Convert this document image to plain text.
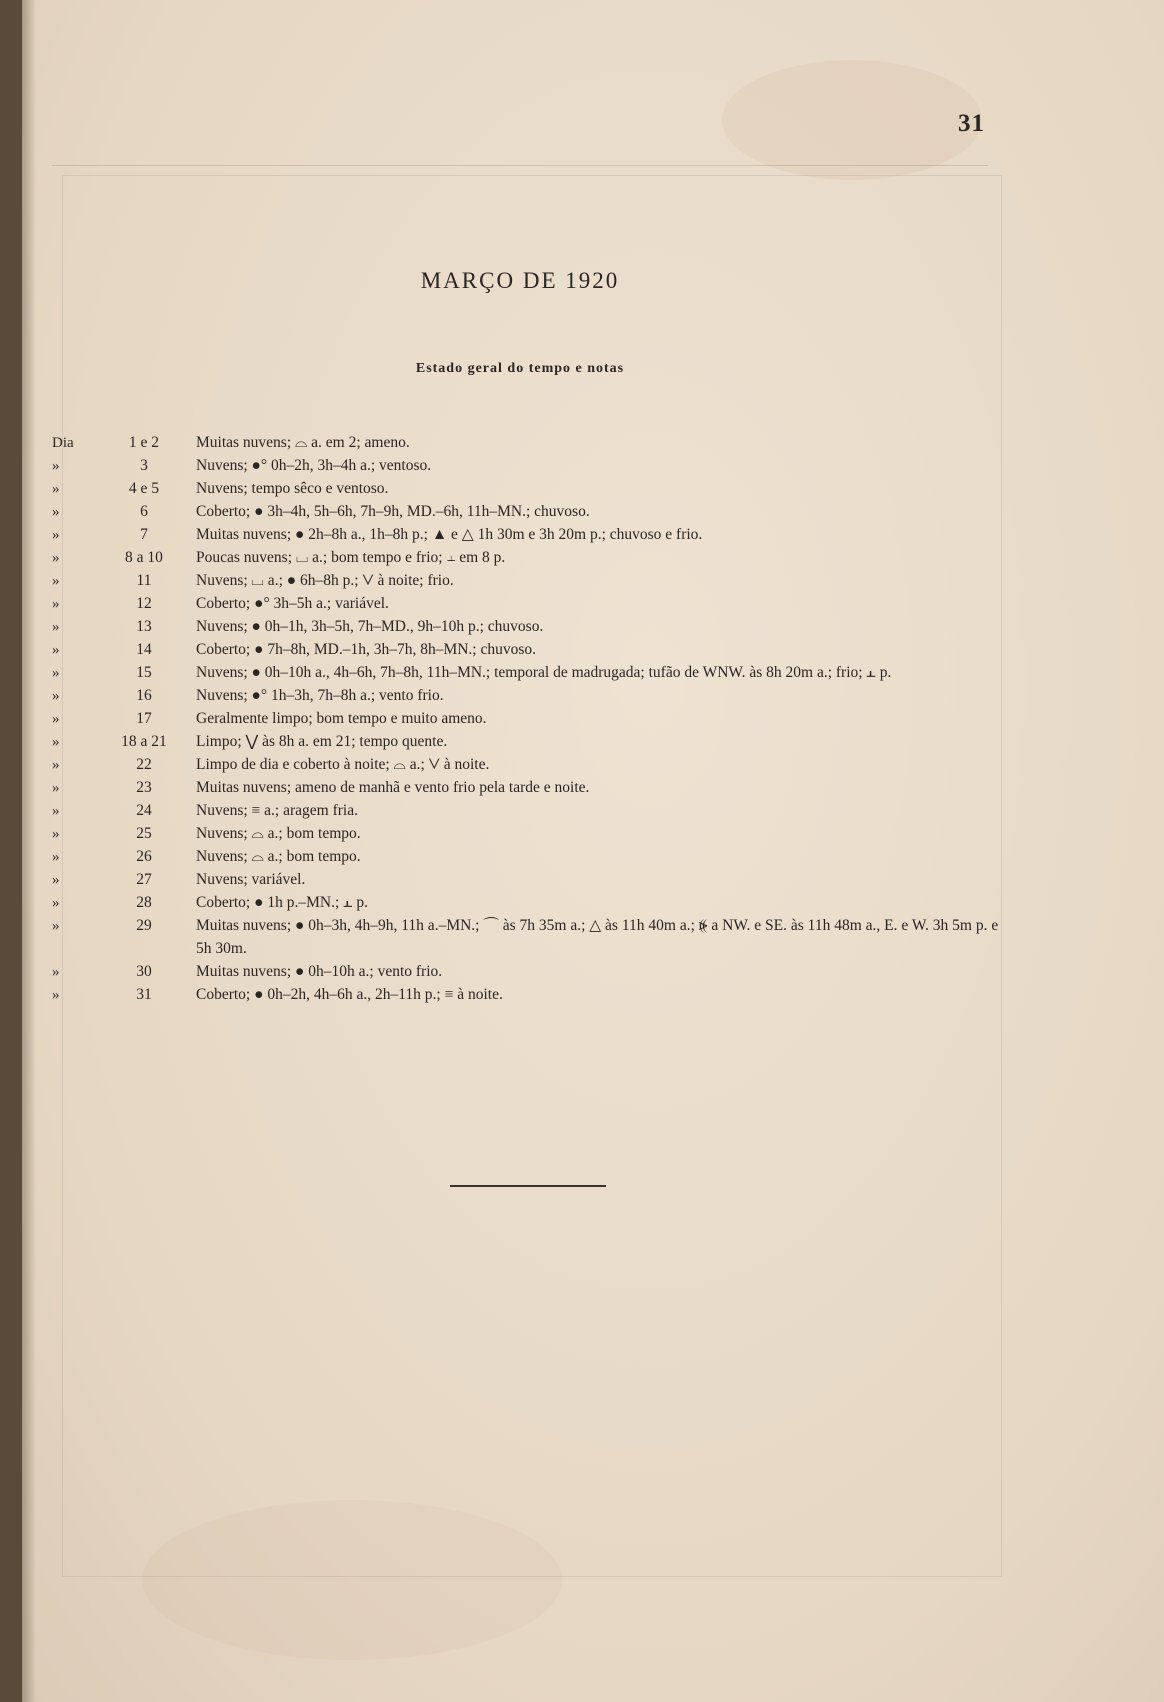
31
MARÇO DE 1920
Estado geral do tempo e notas
Dia	1 e 2	Muitas nuvens; ⌓ a. em 2; ameno.
»	3	Nuvens; ●° 0h–2h, 3h–4h a.; ventoso.
»	4 e 5	Nuvens; tempo sêco e ventoso.
»	6	Coberto; ● 3h–4h, 5h–6h, 7h–9h, MD.–6h, 11h–MN.; chuvoso.
»	7	Muitas nuvens; ● 2h–8h a., 1h–8h p.; ▲ e △ 1h 30m e 3h 20m p.; chuvoso e frio.
»	8 a 10	Poucas nuvens; ⌴ a.; bom tempo e frio; ⫠ em 8 p.
»	11	Nuvens; ⌴ a.; ● 6h–8h p.; ⋁ à noite; frio.
»	12	Coberto; ●° 3h–5h a.; variável.
»	13	Nuvens; ● 0h–1h, 3h–5h, 7h–MD., 9h–10h p.; chuvoso.
»	14	Coberto; ● 7h–8h, MD.–1h, 3h–7h, 8h–MN.; chuvoso.
»	15	Nuvens; ● 0h–10h a., 4h–6h, 7h–8h, 11h–MN.; temporal de madrugada; tufão de WNW. às 8h 20m a.; frio; ⫠ p.
»	16	Nuvens; ●° 1h–3h, 7h–8h a.; vento frio.
»	17	Geralmente limpo; bom tempo e muito ameno.
»	18 a 21	Limpo; ⋁ às 8h a. em 21; tempo quente.
»	22	Limpo de dia e coberto à noite; ⌓ a.; ⋁ à noite.
»	23	Muitas nuvens; ameno de manhã e vento frio pela tarde e noite.
»	24	Nuvens; ≡ a.; aragem fria.
»	25	Nuvens; ⌓ a.; bom tempo.
»	26	Nuvens; ⌓ a.; bom tempo.
»	27	Nuvens; variável.
»	28	Coberto; ● 1h p.–MN.; ⫠ p.
»	29	Muitas nuvens; ● 0h–3h, 4h–9h, 11h a.–MN.; ⌒ às 7h 35m a.; △ às 11h 40m a.; ⦕ a NW. e SE. às 11h 48m a., E. e W. 3h 5m p. e 5h 30m.
»	30	Muitas nuvens; ● 0h–10h a.; vento frio.
»	31	Coberto; ● 0h–2h, 4h–6h a., 2h–11h p.; ≡ à noite.
